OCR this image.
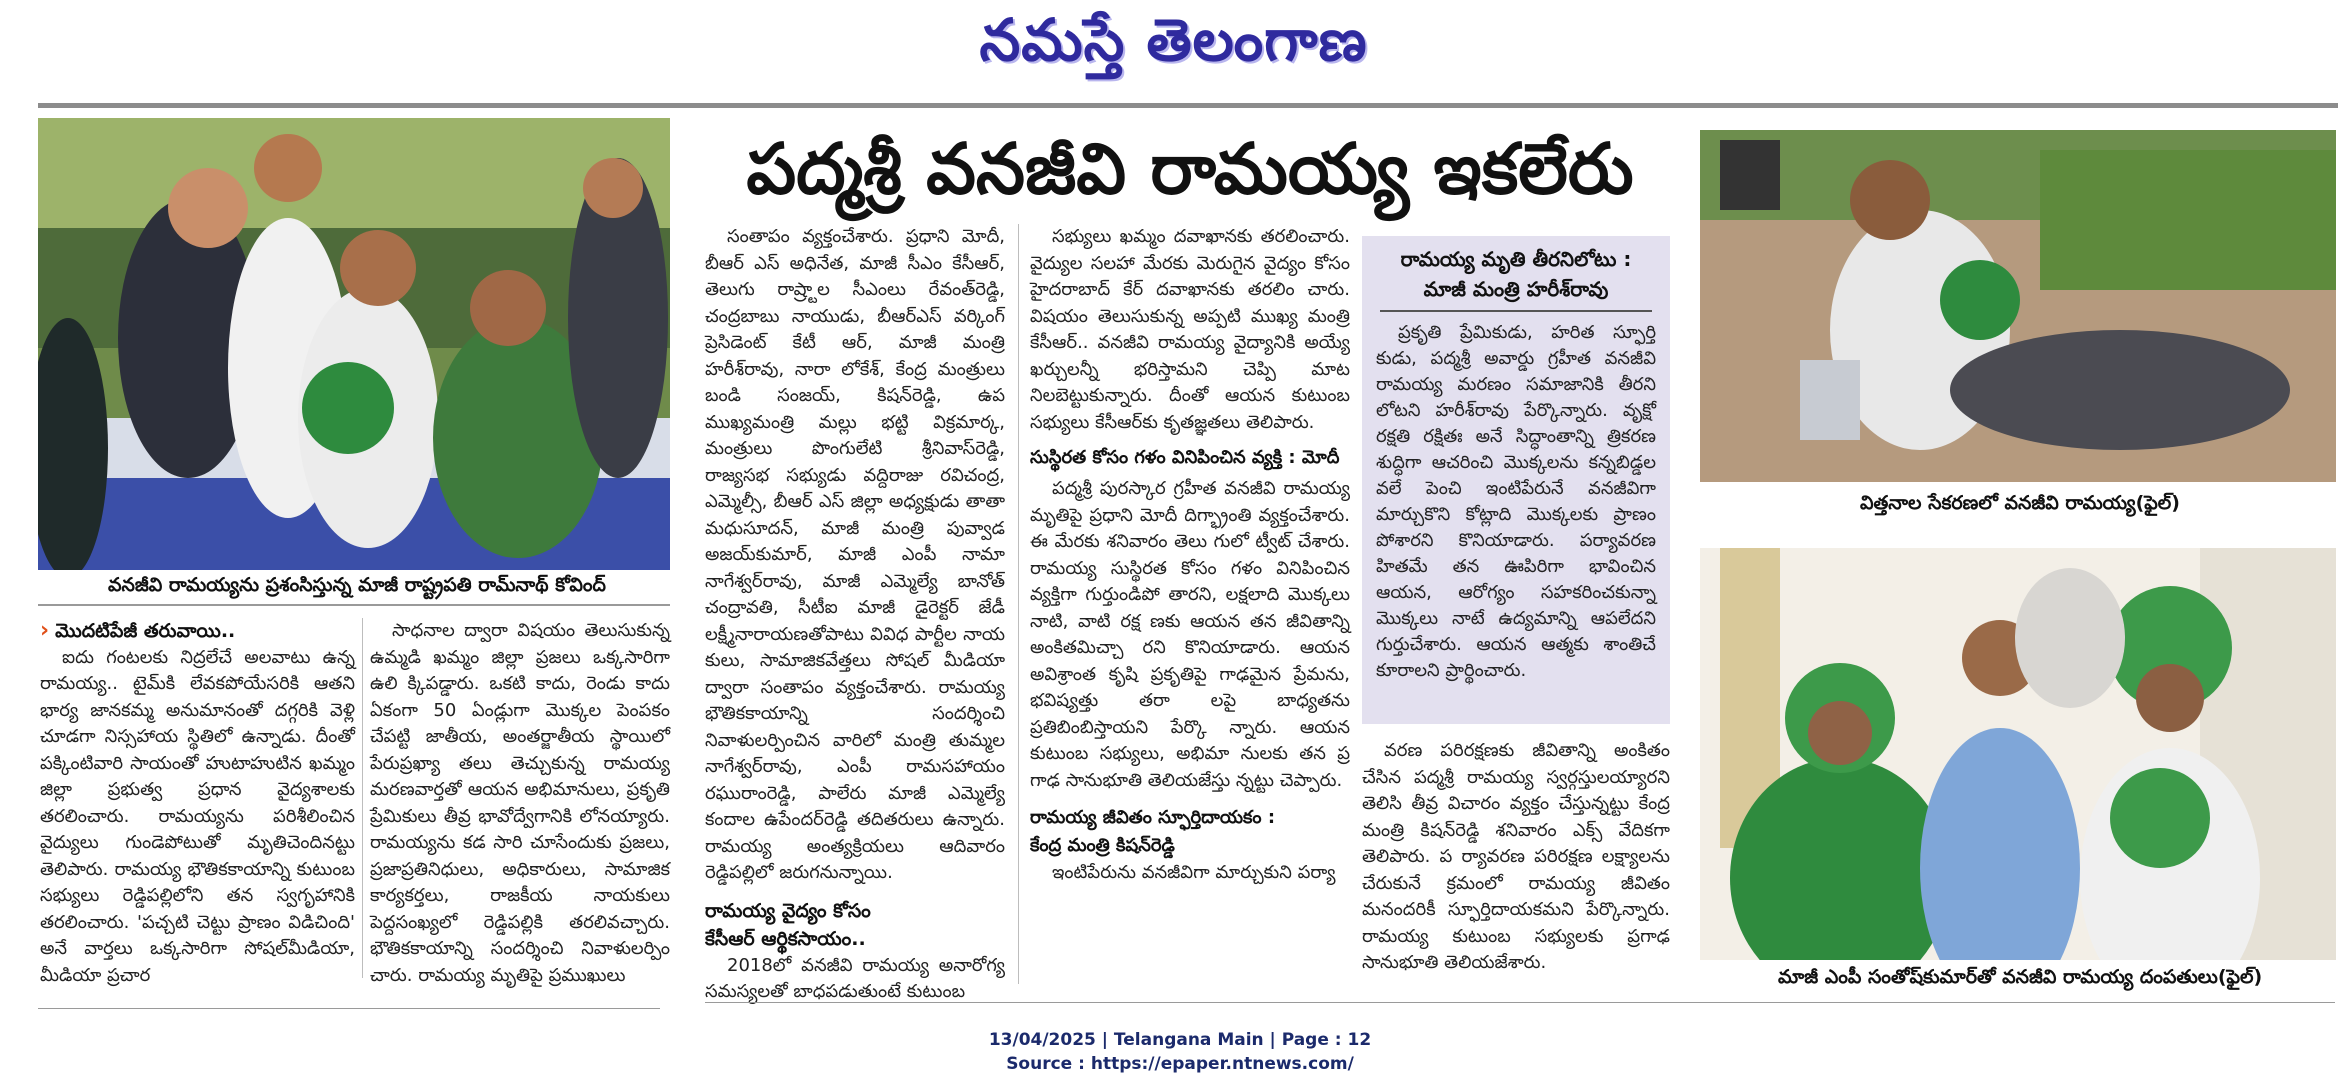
నమస్తే తెలంగాణ
వనజీవి రామయ్యను ప్రశంసిస్తున్న మాజీ రాష్ట్రపతి రామ్‌నాథ్ కోవింద్
పద్మశ్రీ వనజీవి రామయ్య ఇకలేరు
› మొదటిపేజీ తరువాయి..

ఐదు గంటలకు నిద్రలేచే అలవాటు ఉన్న రామయ్య.. టైమ్‌కి లేవకపోయేసరికి ఆతని భార్య జానకమ్మ అనుమానంతో దగ్గరికి వెళ్లి చూడగా నిస్సహాయ స్థితిలో ఉన్నాడు. దీంతో పక్కింటివారి సాయంతో హుటాహుటిన ఖమ్మం జిల్లా ప్రభుత్వ ప్రధాన వైద్యశాలకు తరలించారు. రామయ్యను పరిశీలించిన వైద్యులు గుండెపోటుతో మృతిచెందినట్టు తెలిపారు. రామయ్య భౌతికకాయాన్ని కుటుంబ సభ్యులు రెడ్డిపల్లిలోని తన స్వగృహానికి తరలించారు. 'పచ్చటి చెట్టు ప్రాణం విడిచింది' అనే వార్తలు ఒక్కసారిగా సోషల్‌మీడియా, మీడియా ప్రచార

సాధనాల ద్వారా విషయం తెలుసుకున్న ఉమ్మడి ఖమ్మం జిల్లా ప్రజలు ఒక్కసారిగా ఉలి క్కిపడ్డారు. ఒకటి కాదు, రెండు కాదు ఏకంగా 50 ఏండ్లుగా మొక్కల పెంపకం చేపట్టి జాతీయ, అంతర్జాతీయ స్థాయిలో పేరుప్రఖ్యా తలు తెచ్చుకున్న రామయ్య మరణవార్తతో ఆయన అభిమానులు, ప్రకృతి ప్రేమికులు తీవ్ర భావోద్వేగానికి లోనయ్యారు. రామయ్యను కడ సారి చూసేందుకు ప్రజలు, ప్రజాప్రతినిధులు, అధికారులు, సామాజిక కార్యకర్తలు, రాజకీయ నాయకులు పెద్దసంఖ్యలో రెడ్డిపల్లికి తరలివచ్చారు. భౌతికకాయాన్ని సందర్శించి నివాళులర్పిం చారు. రామయ్య మృతిపై ప్రముఖులు

సంతాపం వ్యక్తంచేశారు. ప్రధాని మోదీ, బీఆర్ ఎస్ అధినేత, మాజీ సీఎం కేసీఆర్, తెలుగు రాష్ర్టాల సీఎంలు రేవంత్‌రెడ్డి, చంద్రబాబు నాయుడు, బీఆర్‌ఎస్ వర్కింగ్ ప్రెసిడెంట్ కేటీ ఆర్, మాజీ మంత్రి హరీశ్‌రావు, నారా లోకేశ్, కేంద్ర మంత్రులు బండి సంజయ్, కిషన్‌రెడ్డి, ఉప ముఖ్యమంత్రి మల్లు భట్టి విక్రమార్క, మంత్రులు పొంగులేటి శ్రీనివాస్‌రెడ్డి, రాజ్యసభ సభ్యుడు వద్దిరాజు రవిచంద్ర, ఎమ్మెల్సీ, బీఆర్ ఎస్ జిల్లా అధ్యక్షుడు తాతా మధుసూదన్, మాజీ మంత్రి పువ్వాడ అజయ్‌కుమార్, మాజీ ఎంపీ నామా నాగేశ్వర్‌రావు, మాజీ ఎమ్మెల్యే బానోత్ చంద్రావతి, సీటీఐ మాజీ డైరెక్టర్ జేడీ లక్ష్మీనారాయణతోపాటు వివిధ పార్టీల నాయ కులు, సామాజికవేత్తలు సోషల్ మీడియా ద్వారా సంతాపం వ్యక్తంచేశారు. రామయ్య భౌతికకాయాన్ని సందర్శించి నివాళులర్పించిన వారిలో మంత్రి తుమ్మల నాగేశ్వర్‌రావు, ఎంపీ రామసహాయం రఘురాంరెడ్డి, పాలేరు మాజీ ఎమ్మెల్యే కందాల ఉపేందర్‌రెడ్డి తదితరులు ఉన్నారు. రామయ్య అంత్యక్రియలు ఆదివారం రెడ్డిపల్లిలో జరుగనున్నాయి.

రామయ్య వైద్యం కోసం
కేసీఆర్ ఆర్థికసాయం..

2018లో వనజీవి రామయ్య అనారోగ్య సమస్యలతో బాధపడుతుంటే కుటుంబ

సభ్యులు ఖమ్మం దవాఖానకు తరలించారు. వైద్యుల సలహా మేరకు మెరుగైన వైద్యం కోసం హైదరాబాద్ కేర్ దవాఖానకు తరలిం చారు. విషయం తెలుసుకున్న అప్పటి ముఖ్య మంత్రి కేసీఆర్.. వనజీవి రామయ్య వైద్యానికి అయ్యే ఖర్చులన్నీ భరిస్తామని చెప్పి మాట నిలబెట్టుకున్నారు. దీంతో ఆయన కుటుంబ సభ్యులు కేసీఆర్‌కు కృతజ్ఞతలు తెలిపారు.

సుస్థిరత కోసం గళం వినిపించిన వ్యక్తి : మోదీ

పద్మశ్రీ పురస్కార గ్రహీత వనజీవి రామయ్య మృతిపై ప్రధాని మోదీ దిగ్భ్రాంతి వ్యక్తంచేశారు. ఈ మేరకు శనివారం తెలు గులో ట్వీట్ చేశారు. రామయ్య సుస్థిరత కోసం గళం వినిపించిన వ్యక్తిగా గుర్తుండిపో తారని, లక్షలాది మొక్కలు నాటి, వాటి రక్ష ణకు ఆయన తన జీవితాన్ని అంకితమిచ్చా రని కొనియాడారు. ఆయన అవిశ్రాంత కృషి ప్రకృతిపై గాఢమైన ప్రేమను, భవిష్యత్తు తరా లపై బాధ్యతను ప్రతిబింబిస్తాయని పేర్కొ న్నారు. ఆయన కుటుంబ సభ్యులు, అభిమా నులకు తన ప్ర గాఢ సానుభూతి తెలియజేస్తు న్నట్టు చెప్పారు.

రామయ్య జీవితం స్ఫూర్తిదాయకం :
కేంద్ర మంత్రి కిషన్‌రెడ్డి

ఇంటిపేరును వనజీవిగా మార్చుకుని పర్యా

రామయ్య మృతి తీరనిలోటు :
మాజీ మంత్రి హరీశ్‌రావు

ప్రకృతి ప్రేమికుడు, హరిత స్ఫూర్తి కుడు, పద్మశ్రీ అవార్డు గ్రహీత వనజీవి రామయ్య మరణం సమాజానికి తీరని లోటని హరీశ్‌రావు పేర్కొన్నారు. వృక్షో రక్షతి రక్షితః అనే సిద్ధాంతాన్ని త్రికరణ శుద్ధిగా ఆచరించి మొక్కలను కన్నబిడ్డల వలే పెంచి ఇంటిపేరునే వనజీవిగా మార్చుకొని కోట్లాది మొక్కలకు ప్రాణం పోశారని కొనియాడారు. పర్యావరణ హితమే తన ఊపిరిగా భావించిన ఆయన, ఆరోగ్యం సహకరించకున్నా మొక్కలు నాటే ఉద్యమాన్ని ఆపలేదని గుర్తుచేశారు. ఆయన ఆత్మకు శాంతిచే కూరాలని ప్రార్థించారు.

వరణ పరిరక్షణకు జీవితాన్ని అంకితం చేసిన పద్మశ్రీ రామయ్య స్వర్గస్తులయ్యారని తెలిసి తీవ్ర విచారం వ్యక్తం చేస్తున్నట్టు కేంద్ర మంత్రి కిషన్‌రెడ్డి శనివారం ఎక్స్ వేదికగా తెలిపారు. ప ర్యావరణ పరిరక్షణ లక్ష్యాలను చేరుకునే క్రమంలో రామయ్య జీవితం మనందరికీ స్ఫూర్తిదాయకమని పేర్కొన్నారు. రామయ్య కుటుంబ సభ్యులకు ప్రగాఢ సానుభూతి తెలియజేశారు.

విత్తనాల సేకరణలో వనజీవి రామయ్య(ఫైల్)
మాజీ ఎంపీ సంతోష్‌కుమార్‌తో వనజీవి రామయ్య దంపతులు(ఫైల్)
13/04/2025 | Telangana Main | Page : 12
Source : https://epaper.ntnews.com/
